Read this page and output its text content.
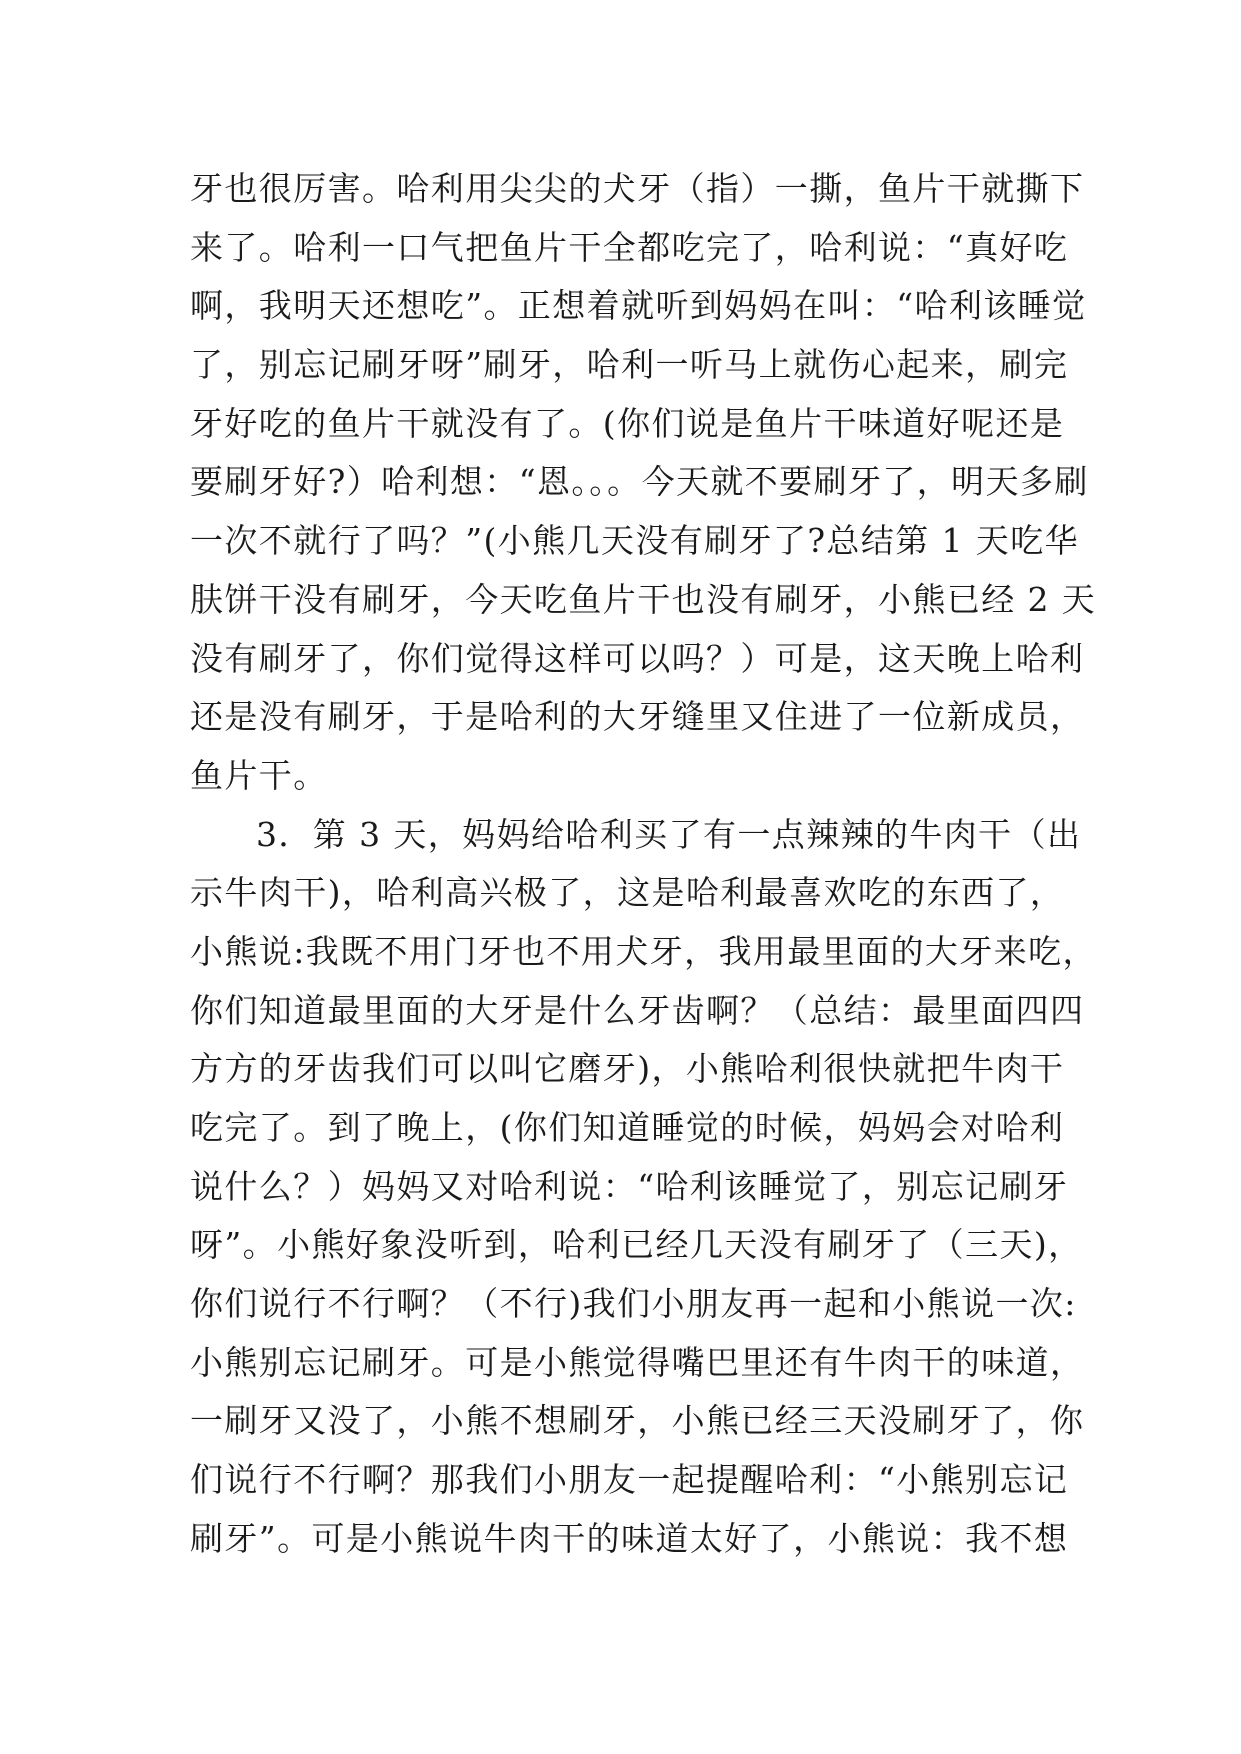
牙也很厉害。哈利用尖尖的犬牙（指）一撕，鱼片干就撕下
来了。哈利一口气把鱼片干全都吃完了，哈利说：“真好吃
啊，我明天还想吃”。正想着就听到妈妈在叫：“哈利该睡觉
了，别忘记刷牙呀”刷牙，哈利一听马上就伤心起来，刷完
牙好吃的鱼片干就没有了。(你们说是鱼片干味道好呢还是
要刷牙好?）哈利想：“恩。。。今天就不要刷牙了，明天多刷
一次不就行了吗？”(小熊几天没有刷牙了?总结第 1 天吃华
肤饼干没有刷牙，今天吃鱼片干也没有刷牙，小熊已经 2 天
没有刷牙了，你们觉得这样可以吗？）可是，这天晚上哈利
还是没有刷牙，于是哈利的大牙缝里又住进了一位新成员，
鱼片干。
3．第 3 天，妈妈给哈利买了有一点辣辣的牛肉干（出
示牛肉干)，哈利高兴极了，这是哈利最喜欢吃的东西了，
小熊说:我既不用门牙也不用犬牙，我用最里面的大牙来吃，
你们知道最里面的大牙是什么牙齿啊？（总结：最里面四四
方方的牙齿我们可以叫它磨牙)，小熊哈利很快就把牛肉干
吃完了。到了晚上，(你们知道睡觉的时候，妈妈会对哈利
说什么？）妈妈又对哈利说：“哈利该睡觉了，别忘记刷牙
呀”。小熊好象没听到，哈利已经几天没有刷牙了（三天)，
你们说行不行啊？（不行)我们小朋友再一起和小熊说一次:
小熊别忘记刷牙。可是小熊觉得嘴巴里还有牛肉干的味道，
一刷牙又没了，小熊不想刷牙，小熊已经三天没刷牙了，你
们说行不行啊？那我们小朋友一起提醒哈利：“小熊别忘记
刷牙”。可是小熊说牛肉干的味道太好了，小熊说：我不想
